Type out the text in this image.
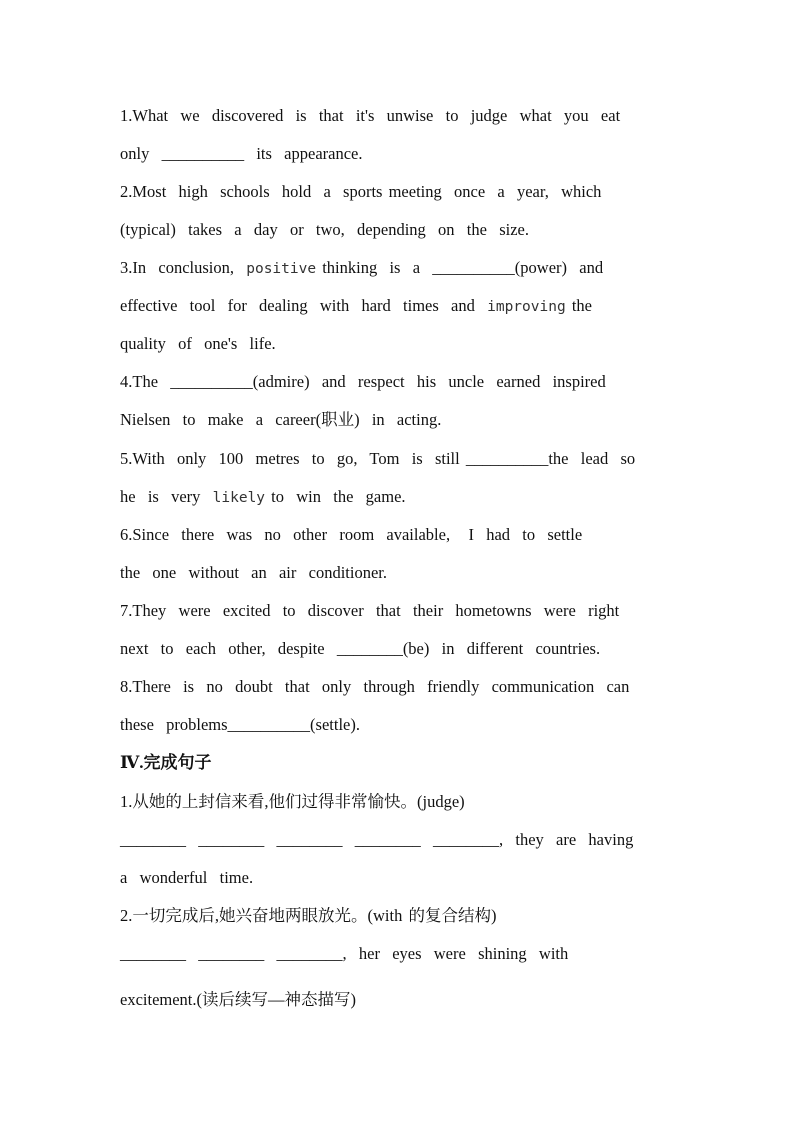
1.What  we  discovered  is  that  it's  unwise  to  judge  what  you  eat
only  __________  its  appearance.
2.Most  high  schools  hold  a  sports meeting  once  a  year,  which
(typical)  takes  a  day  or  two,  depending  on  the  size.
3.In  conclusion,  positive thinking  is  a  __________(power)  and
effective  tool  for  dealing  with  hard  times  and  improving the
quality  of  one's  life.
4.The  __________(admire)  and  respect  his  uncle  earned  inspired
Nielsen  to  make  a  career(职业)  in  acting.
5.With  only  100  metres  to  go,  Tom  is  still __________the  lead  so
he  is  very  likely to  win  the  game.
6.Since  there  was  no  other  room  available,   I  had  to  settle
the  one  without  an  air  conditioner.
7.They  were  excited  to  discover  that  their  hometowns  were  right
next  to  each  other,  despite  ________(be)  in  different  countries.
8.There  is  no  doubt  that  only  through  friendly  communication  can
these  problems__________(settle).
Ⅳ.完成句子
1.从她的上封信来看,他们过得非常愉快。(judge)
________  ________  ________  ________  ________,  they  are  having
a  wonderful  time.
2.一切完成后,她兴奋地两眼放光。(with 的复合结构)
________  ________  ________,  her  eyes  were  shining  with
excitement.(读后续写—神态描写)
